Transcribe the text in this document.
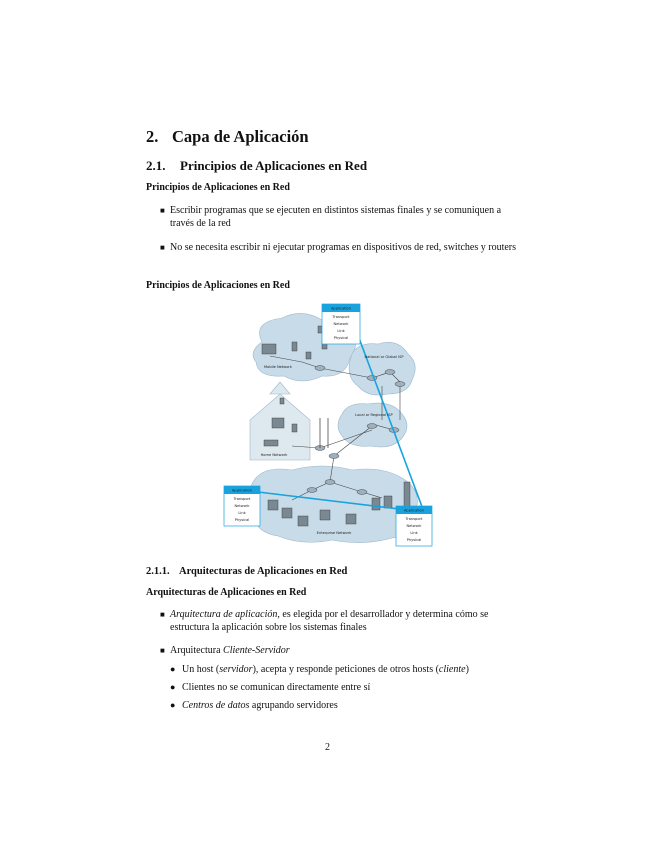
2. Capa de Aplicación
2.1. Principios de Aplicaciones en Red

Principios de Aplicaciones en Red

■ Escribir programas que se ejecuten en distintos sistemas finales y se comuniquen a través de la red
■ No se necesita escribir ni ejecutar programas en dispositivos de red, switches y routers

Principios de Aplicaciones en Red

Application
Transport
Network
Link
Physical
Application
Transport
Network
Link
Physical
Application
Transport
Network
Link
Physical
Mobile Network
National or Global ISP
Local or Regional ISP
Home Network
Enterprise Network
2.1.1. Arquitecturas de Aplicaciones en Red

Arquitecturas de Aplicaciones en Red

■ Arquitectura de aplicación, es elegida por el desarrollador y determina cómo se estructura la aplicación sobre los sistemas finales
■ Arquitectura Cliente-Servidor
● Un host (servidor), acepta y responde peticiones de otros hosts (cliente)
● Clientes no se comunican directamente entre sí
● Centros de datos agrupando servidores
2
